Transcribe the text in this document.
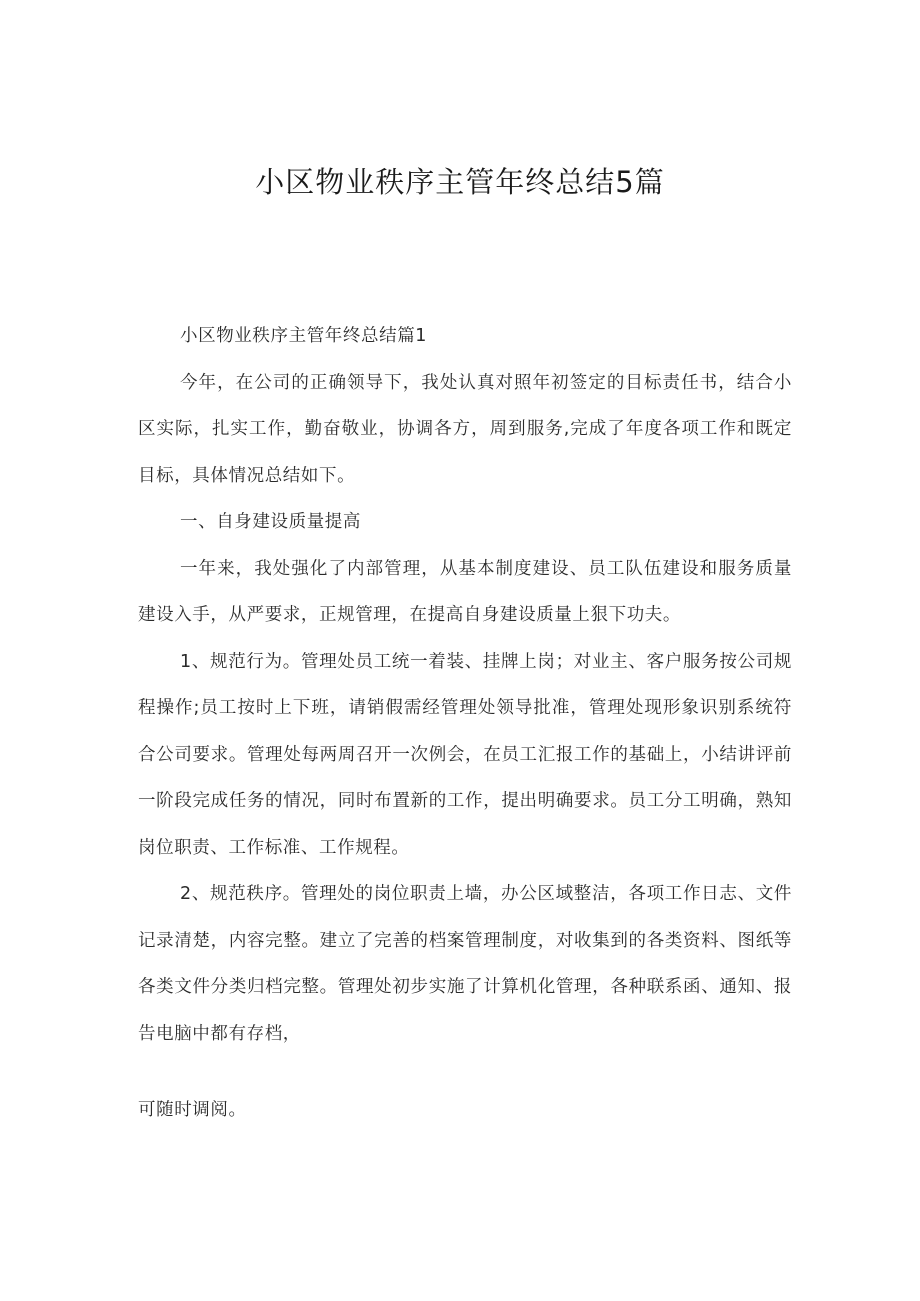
小区物业秩序主管年终总结5篇

小区物业秩序主管年终总结篇1

今年，在公司的正确领导下，我处认真对照年初签定的目标责任书，结合小区实际，扎实工作，勤奋敬业，协调各方，周到服务,完成了年度各项工作和既定目标，具体情况总结如下。

一、自身建设质量提高

一年来，我处强化了内部管理，从基本制度建设、员工队伍建设和服务质量建设入手，从严要求，正规管理，在提高自身建设质量上狠下功夫。

1、规范行为。管理处员工统一着装、挂牌上岗；对业主、客户服务按公司规程操作;员工按时上下班，请销假需经管理处领导批准，管理处现形象识别系统符合公司要求。管理处每两周召开一次例会，在员工汇报工作的基础上，小结讲评前一阶段完成任务的情况，同时布置新的工作，提出明确要求。员工分工明确，熟知岗位职责、工作标准、工作规程。

2、规范秩序。管理处的岗位职责上墙，办公区域整洁，各项工作日志、文件记录清楚，内容完整。建立了完善的档案管理制度，对收集到的各类资料、图纸等各类文件分类归档完整。管理处初步实施了计算机化管理，各种联系函、通知、报告电脑中都有存档，

可随时调阅。
